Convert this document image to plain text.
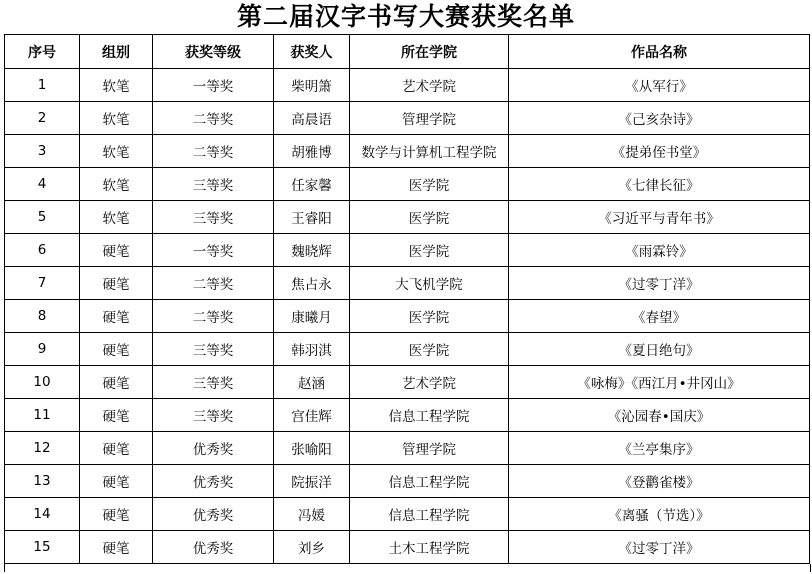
第二届汉字书写大赛获奖名单
序号	组别	获奖等级	获奖人	所在学院	作品名称
1	软笔	一等奖	柴明箫	艺术学院	《从军行》
2	软笔	二等奖	高晨语	管理学院	《己亥杂诗》
3	软笔	二等奖	胡雅博	数学与计算机工程学院	《提弟侄书堂》
4	软笔	三等奖	任家馨	医学院	《七律长征》
5	软笔	三等奖	王睿阳	医学院	《习近平与青年书》
6	硬笔	一等奖	魏晓辉	医学院	《雨霖铃》
7	硬笔	二等奖	焦占永	大飞机学院	《过零丁洋》
8	硬笔	二等奖	康曦月	医学院	《春望》
9	硬笔	三等奖	韩羽淇	医学院	《夏日绝句》
10	硬笔	三等奖	赵涵	艺术学院	《咏梅》《西江月•井冈山》
11	硬笔	三等奖	宫佳辉	信息工程学院	《沁园春•国庆》
12	硬笔	优秀奖	张喻阳	管理学院	《兰亭集序》
13	硬笔	优秀奖	院振洋	信息工程学院	《登鹳雀楼》
14	硬笔	优秀奖	冯媛	信息工程学院	《离骚（节选）》
15	硬笔	优秀奖	刘乡	土木工程学院	《过零丁洋》
